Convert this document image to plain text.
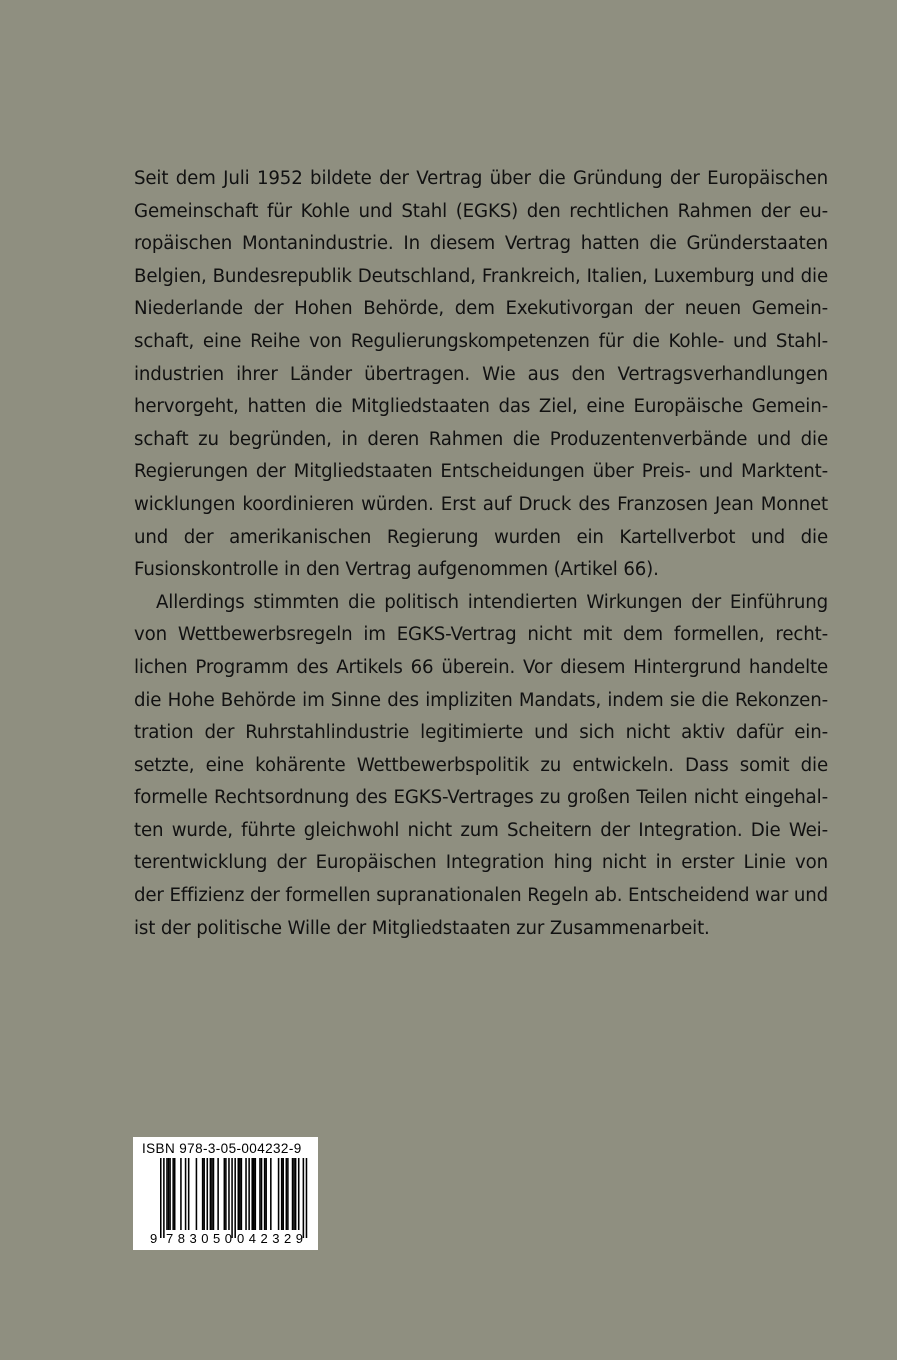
Seit dem Juli 1952 bildete der Vertrag über die Gründung der Europäischen
Gemeinschaft für Kohle und Stahl (EGKS) den rechtlichen Rahmen der eu-
ropäischen Montanindustrie. In diesem Vertrag hatten die Gründerstaaten
Belgien, Bundesrepublik Deutschland, Frankreich, Italien, Luxemburg und die
Niederlande der Hohen Behörde, dem Exekutivorgan der neuen Gemein-
schaft, eine Reihe von Regulierungskompetenzen für die Kohle- und Stahl-
industrien ihrer Länder übertragen. Wie aus den Vertragsverhandlungen
hervorgeht, hatten die Mitgliedstaaten das Ziel, eine Europäische Gemein-
schaft zu begründen, in deren Rahmen die Produzentenverbände und die
Regierungen der Mitgliedstaaten Entscheidungen über Preis- und Marktent-
wicklungen koordinieren würden. Erst auf Druck des Franzosen Jean Monnet
und der amerikanischen Regierung wurden ein Kartellverbot und die
Fusionskontrolle in den Vertrag aufgenommen (Artikel 66).

Allerdings stimmten die politisch intendierten Wirkungen der Einführung
von Wettbewerbsregeln im EGKS-Vertrag nicht mit dem formellen, recht-
lichen Programm des Artikels 66 überein. Vor diesem Hintergrund handelte
die Hohe Behörde im Sinne des impliziten Mandats, indem sie die Rekonzen-
tration der Ruhrstahlindustrie legitimierte und sich nicht aktiv dafür ein-
setzte, eine kohärente Wettbewerbspolitik zu entwickeln. Dass somit die
formelle Rechtsordnung des EGKS-Vertrages zu großen Teilen nicht eingehal-
ten wurde, führte gleichwohl nicht zum Scheitern der Integration. Die Wei-
terentwicklung der Europäischen Integration hing nicht in erster Linie von
der Effizienz der formellen supranationalen Regeln ab. Entscheidend war und
ist der politische Wille der Mitgliedstaaten zur Zusammenarbeit.

ISBN 978-3-05-004232-9
9 783050 042329
